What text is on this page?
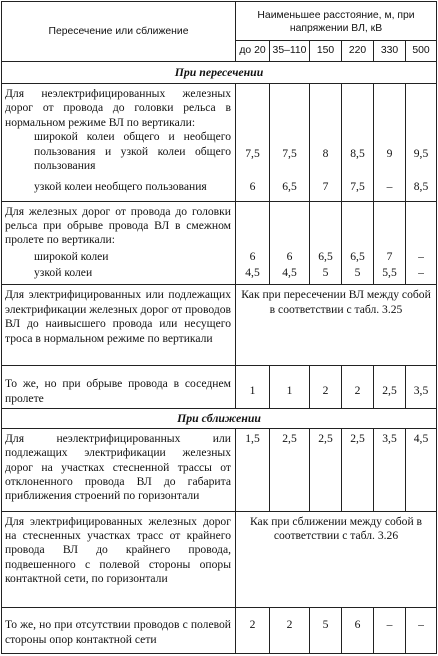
Пересечение или сближение	Наименьшее расстояние, м, при напряжении ВЛ, кВ					
	до 20	35–110	150	220	330	500
При пересечении						
Для неэлектрифицированных железных дорог от провода до головки рельса в нормальном режиме ВЛ по вертикали:						
широкой колеи общего и необщего пользования и узкой колеи общего пользования	7,5	7,5	8	8,5	9	9,5
узкой колеи необщего пользования	6	6,5	7	7,5	–	8,5
Для железных дорог от провода до головки рельса при обрыве провода ВЛ в смежном пролете по вертикали:						
широкой колеи	6	6	6,5	6,5	7	–
узкой колеи	4,5	4,5	5	5	5,5	–
Для электрифицированных или подлежащих электрификации железных дорог от проводов ВЛ до наивысшего провода или несущего троса в нормальном режиме по вертикали	Как при пересечении ВЛ между собой в соответствии с табл. 3.25					
То же, но при обрыве провода в соседнем пролете	1	1	2	2	2,5	3,5
При сближении						
Для неэлектрифицированных или подлежащих электрификации железных дорог на участках стесненной трассы от отклоненного провода ВЛ до габарита приближения строений по горизонтали	1,5	2,5	2,5	2,5	3,5	4,5
Для электрифицированных железных дорог на стесненных участках трасс от крайнего провода ВЛ до крайнего провода, подвешенного с полевой стороны опоры контактной сети, по горизонтали	Как при сближении между собой в соответствии с табл. 3.26					
То же, но при отсутствии проводов с полевой стороны опор контактной сети	2	2	5	6	–	–
